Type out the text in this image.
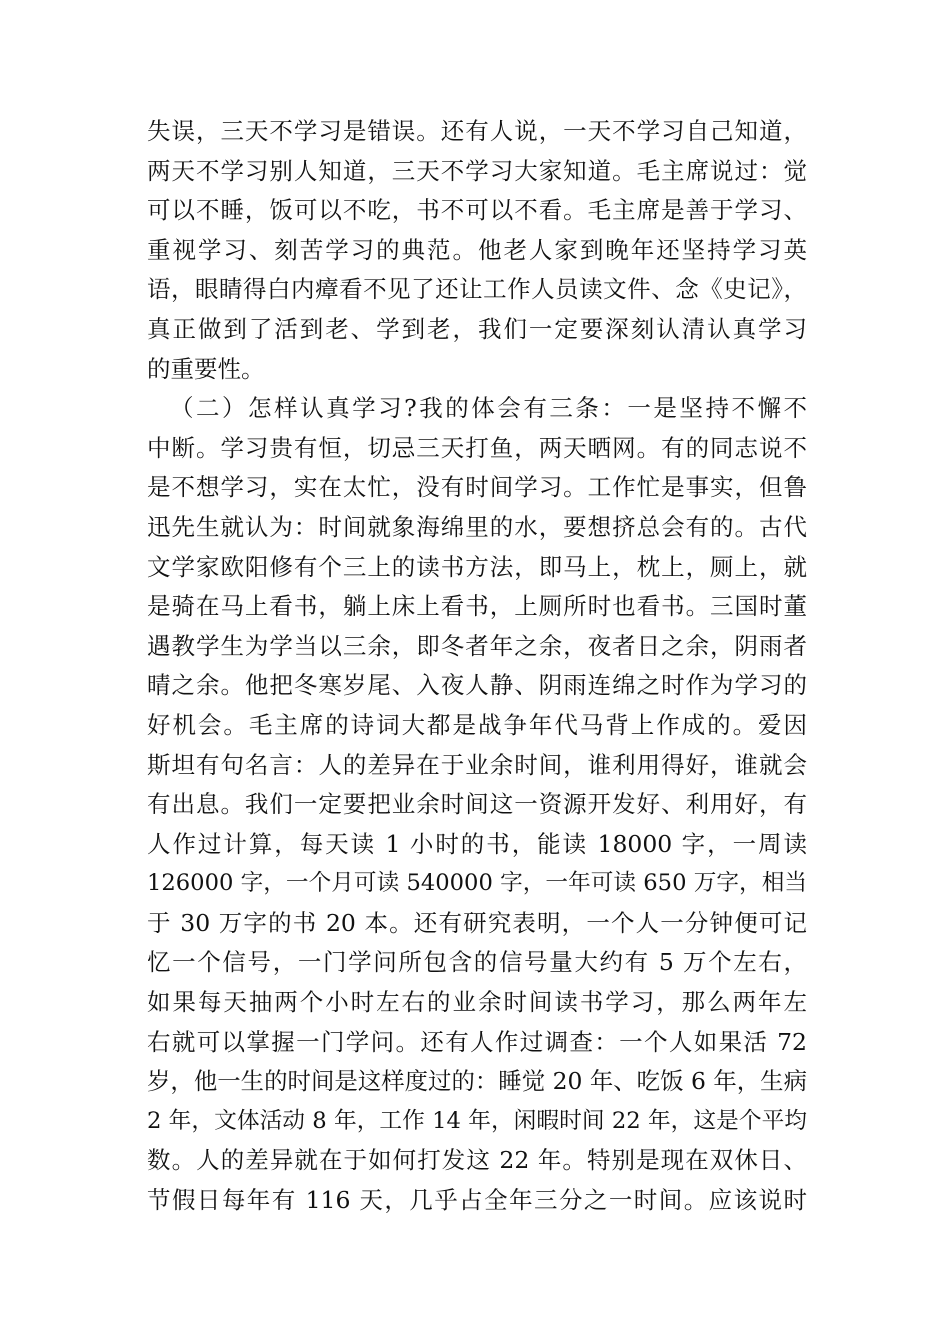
失误，三天不学习是错误。还有人说，一天不学习自己知道，
两天不学习别人知道，三天不学习大家知道。毛主席说过：觉
可以不睡，饭可以不吃，书不可以不看。毛主席是善于学习、
重视学习、刻苦学习的典范。他老人家到晚年还坚持学习英
语，眼睛得白内瘴看不见了还让工作人员读文件、念《史记》，
真正做到了活到老、学到老，我们一定要深刻认清认真学习
的重要性。
（二）怎样认真学习?我的体会有三条：一是坚持不懈不
中断。学习贵有恒，切忌三天打鱼，两天晒网。有的同志说不
是不想学习，实在太忙，没有时间学习。工作忙是事实，但鲁
迅先生就认为：时间就象海绵里的水，要想挤总会有的。古代
文学家欧阳修有个三上的读书方法，即马上，枕上，厕上，就
是骑在马上看书，躺上床上看书，上厕所时也看书。三国时董
遇教学生为学当以三余，即冬者年之余，夜者日之余，阴雨者
晴之余。他把冬寒岁尾、入夜人静、阴雨连绵之时作为学习的
好机会。毛主席的诗词大都是战争年代马背上作成的。爱因
斯坦有句名言：人的差异在于业余时间，谁利用得好，谁就会
有出息。我们一定要把业余时间这一资源开发好、利用好，有
人作过计算，每天读 1 小时的书，能读 18000 字，一周读
126000 字，一个月可读 540000 字，一年可读 650 万字，相当
于 30 万字的书 20 本。还有研究表明，一个人一分钟便可记
忆一个信号，一门学问所包含的信号量大约有 5 万个左右，
如果每天抽两个小时左右的业余时间读书学习，那么两年左
右就可以掌握一门学问。还有人作过调查：一个人如果活 72
岁，他一生的时间是这样度过的：睡觉 20 年、吃饭 6 年，生病
2 年，文体活动 8 年，工作 14 年，闲暇时间 22 年，这是个平均
数。人的差异就在于如何打发这 22 年。特别是现在双休日、
节假日每年有 116 天，几乎占全年三分之一时间。应该说时
